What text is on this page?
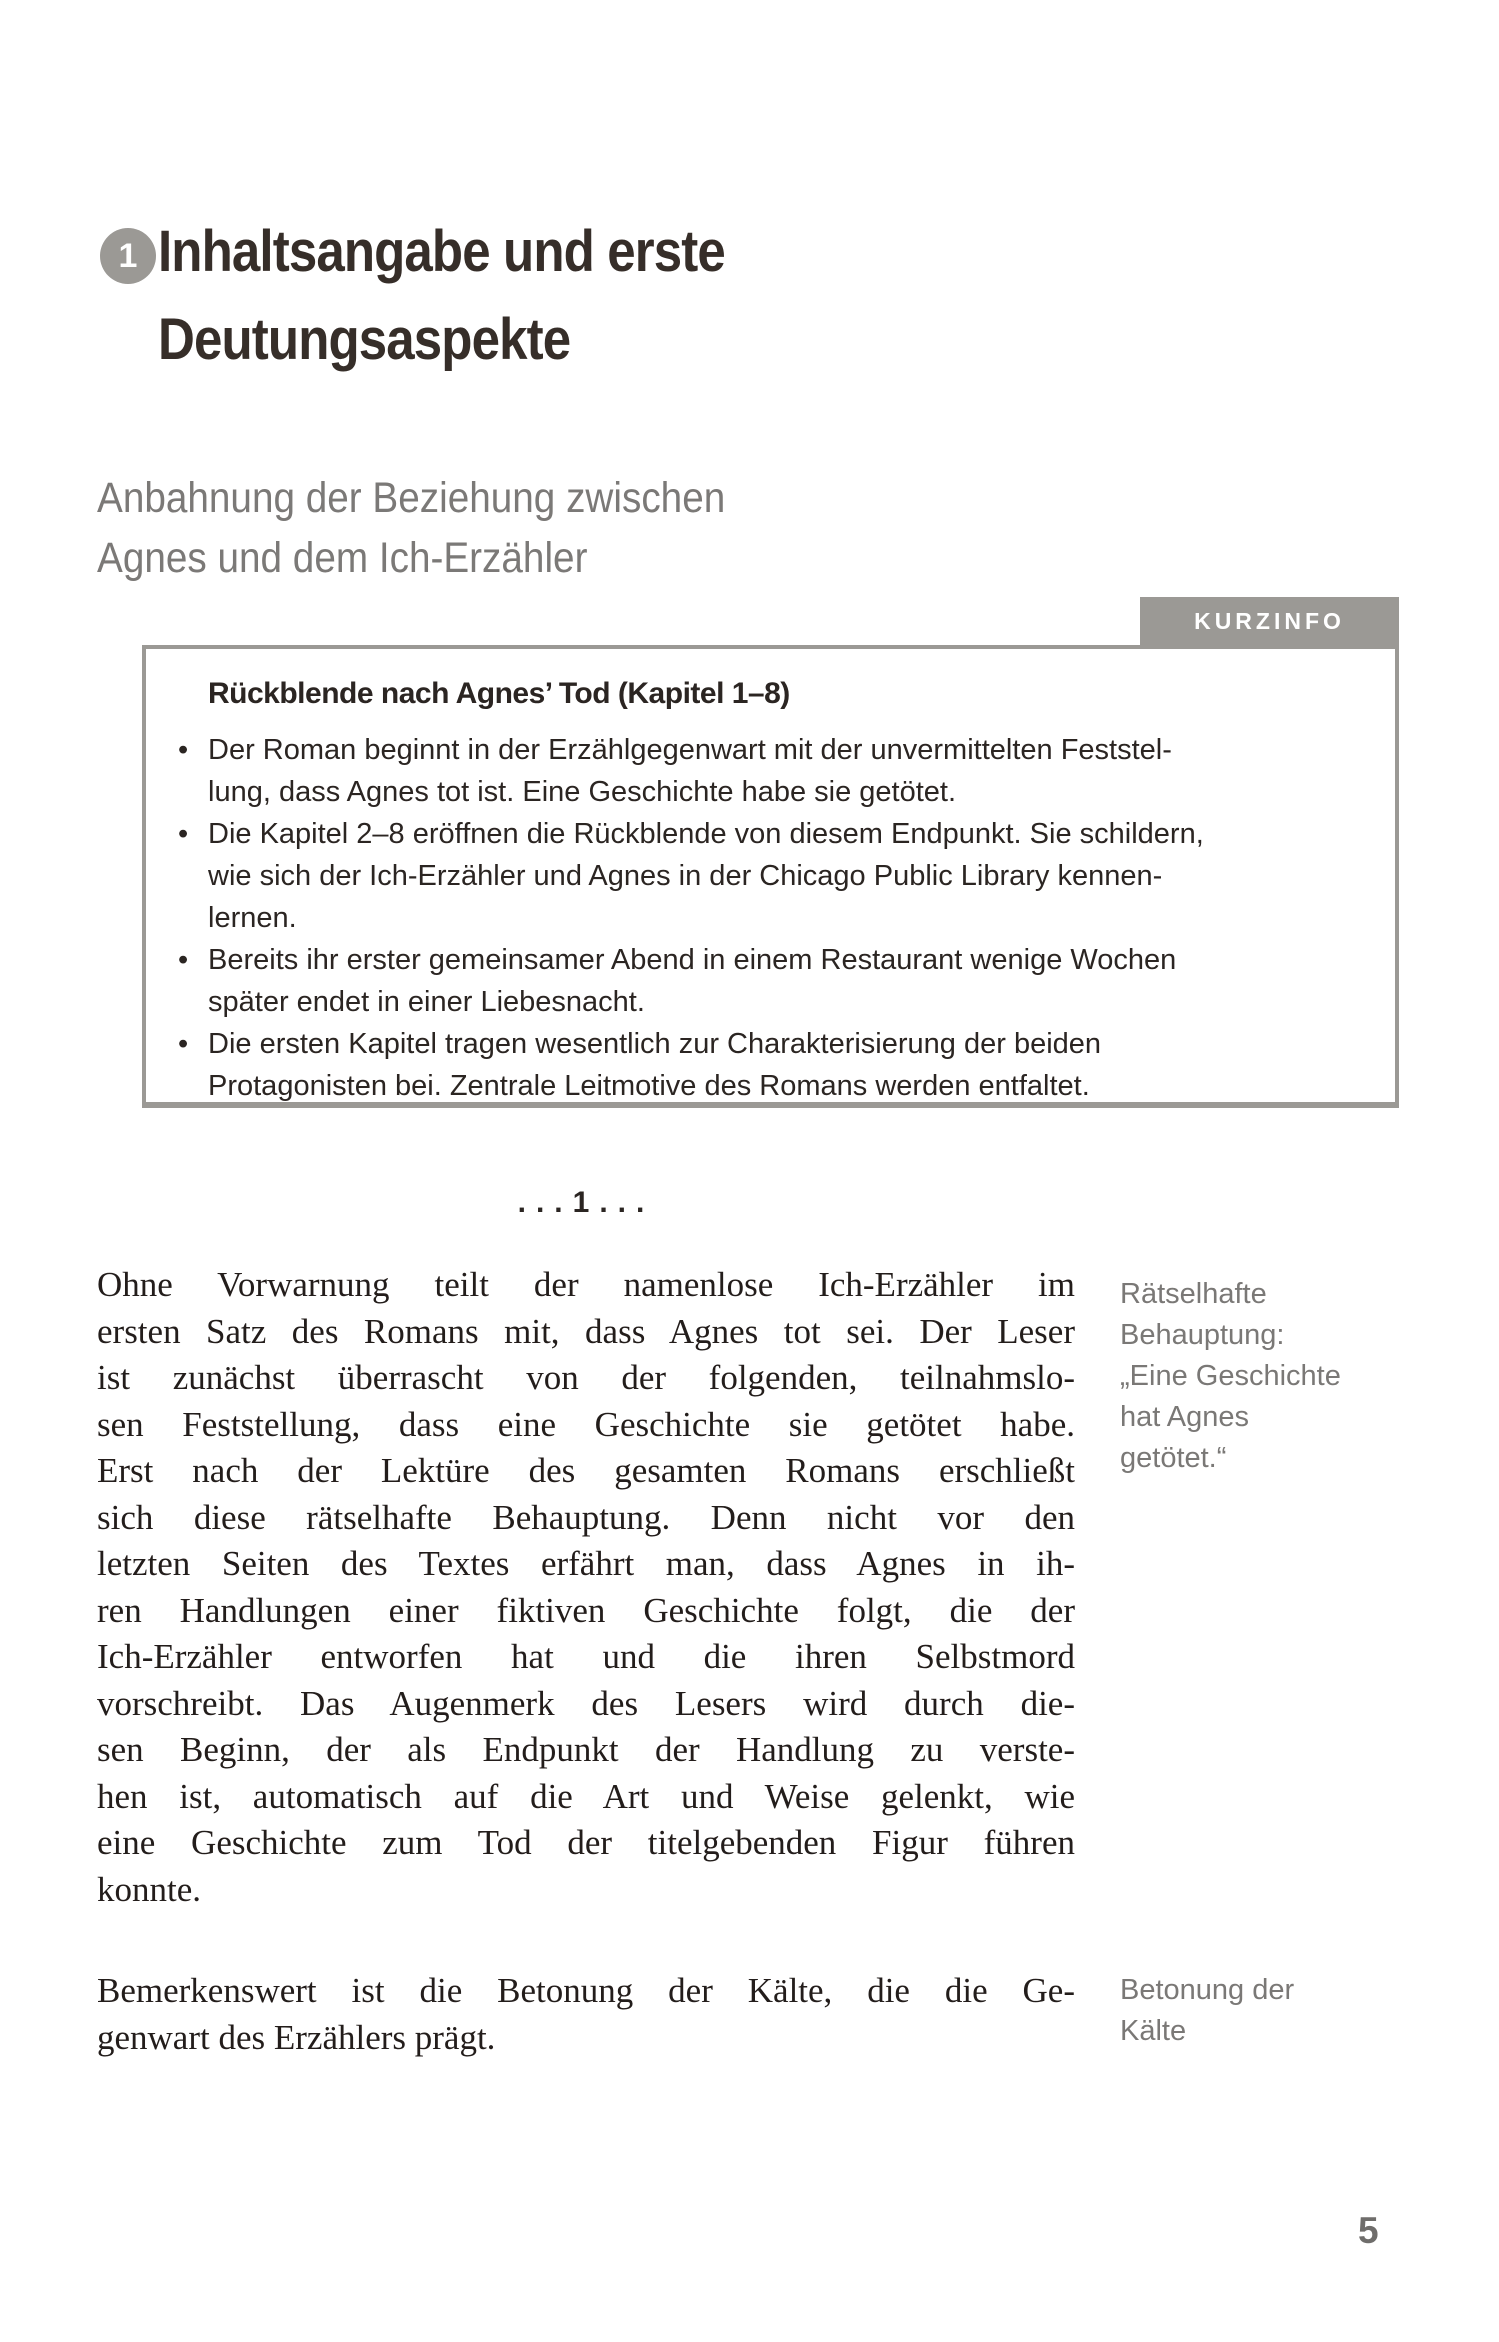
1 Inhaltsangabe und erste
Deutungsaspekte
Anbahnung der Beziehung zwischen
Agnes und dem Ich-Erzähler
KURZINFO
Rückblende nach Agnes’ Tod (Kapitel 1–8)
• Der Roman beginnt in der Erzählgegenwart mit der unvermittelten Feststel-
lung, dass Agnes tot ist. Eine Geschichte habe sie getötet.
• Die Kapitel 2–8 eröffnen die Rückblende von diesem Endpunkt. Sie schildern,
wie sich der Ich-Erzähler und Agnes in der Chicago Public Library kennen-
lernen.
• Bereits ihr erster gemeinsamer Abend in einem Restaurant wenige Wochen
später endet in einer Liebesnacht.
• Die ersten Kapitel tragen wesentlich zur Charakterisierung der beiden
Protagonisten bei. Zentrale Leitmotive des Romans werden entfaltet.
...1...
Ohne Vorwarnung teilt der namenlose Ich-Erzähler im
ersten Satz des Romans mit, dass Agnes tot sei. Der Leser
ist zunächst überrascht von der folgenden, teilnahmslo-
sen Feststellung, dass eine Geschichte sie getötet habe.
Erst nach der Lektüre des gesamten Romans erschließt
sich diese rätselhafte Behauptung. Denn nicht vor den
letzten Seiten des Textes erfährt man, dass Agnes in ih-
ren Handlungen einer fiktiven Geschichte folgt, die der
Ich-Erzähler entworfen hat und die ihren Selbstmord
vorschreibt. Das Augenmerk des Lesers wird durch die-
sen Beginn, der als Endpunkt der Handlung zu verste-
hen ist, automatisch auf die Art und Weise gelenkt, wie
eine Geschichte zum Tod der titelgebenden Figur führen
konnte.
Rätselhafte
Behauptung:
„Eine Geschichte
hat Agnes
getötet.“
Bemerkenswert ist die Betonung der Kälte, die die Ge-
genwart des Erzählers prägt.
Betonung der
Kälte
5
